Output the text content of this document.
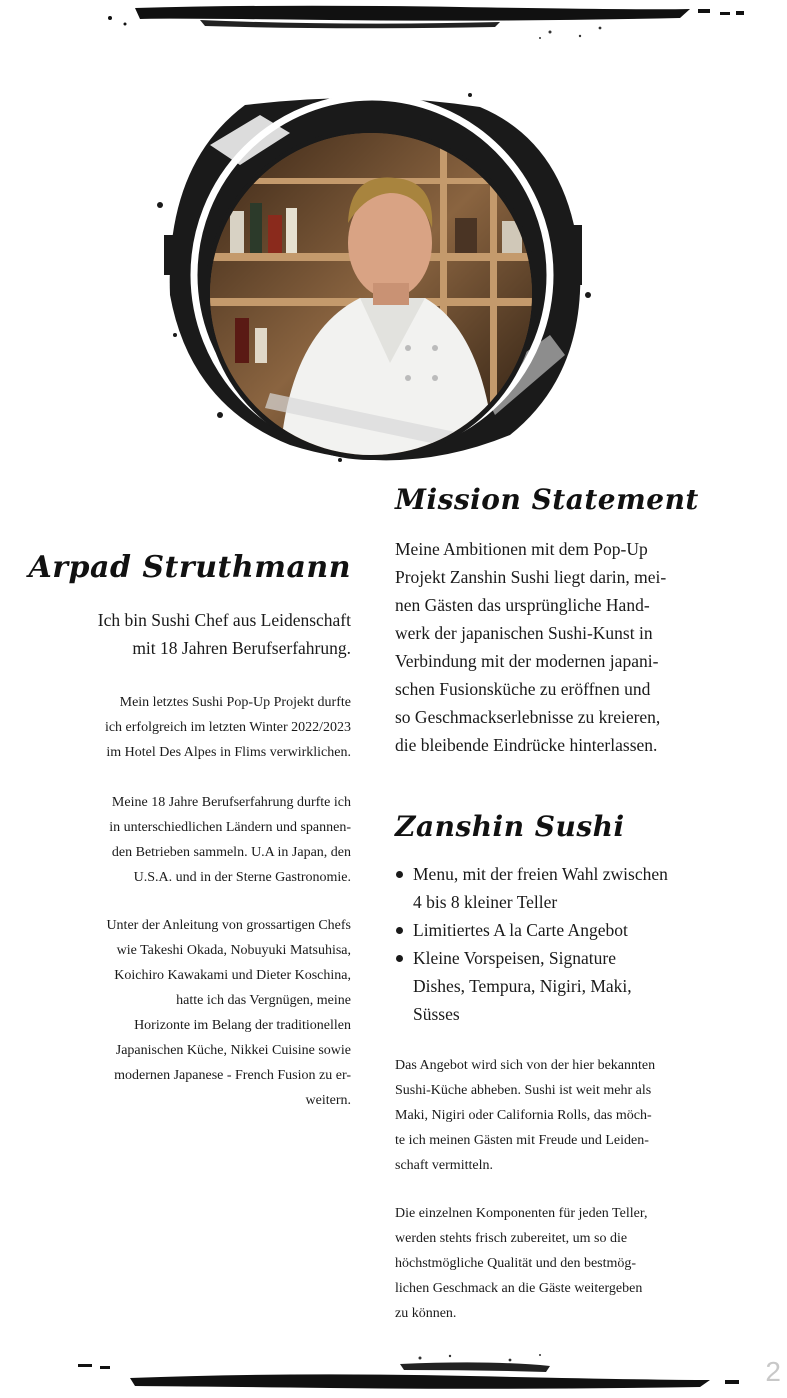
Mission Statement
Arpad Struthmann
Ich bin Sushi Chef aus Leidenschaft
mit 18 Jahren Berufserfahrung.
Mein letztes Sushi Pop-Up Projekt durfte
ich erfolgreich im letzten Winter 2022/2023
im Hotel Des Alpes in Flims verwirklichen.
Meine 18 Jahre Berufserfahrung durfte ich
in unterschiedlichen Ländern und spannen-
den Betrieben sammeln. U.A in Japan, den
U.S.A. und in der Sterne Gastronomie.
Unter der Anleitung von grossartigen Chefs
wie Takeshi Okada, Nobuyuki Matsuhisa,
Koichiro Kawakami und Dieter Koschina,
hatte ich das Vergnügen, meine
Horizonte im Belang der traditionellen
Japanischen Küche, Nikkei Cuisine sowie
modernen Japanese - French Fusion zu er-
weitern.
Meine Ambitionen mit dem Pop-Up
Projekt Zanshin Sushi liegt darin, mei-
nen Gästen das ursprüngliche Hand-
werk der japanischen Sushi-Kunst in
Verbindung mit der modernen japani-
schen Fusionsküche zu eröffnen und
so Geschmackserlebnisse zu kreieren,
die bleibende Eindrücke hinterlassen.
Zanshin Sushi
Menu, mit der freien Wahl zwischen
4 bis 8 kleiner Teller
Limitiertes A la Carte Angebot
Kleine Vorspeisen, Signature
Dishes, Tempura, Nigiri, Maki,
Süsses
Das Angebot wird sich von der hier bekannten
Sushi-Küche abheben. Sushi ist weit mehr als
Maki, Nigiri oder California Rolls, das möch-
te ich meinen Gästen mit Freude und Leiden-
schaft vermitteln.
Die einzelnen Komponenten für jeden Teller,
werden stehts frisch zubereitet, um so die
höchstmögliche Qualität und den bestmög-
lichen Geschmack an die Gäste weitergeben
zu können.
2
